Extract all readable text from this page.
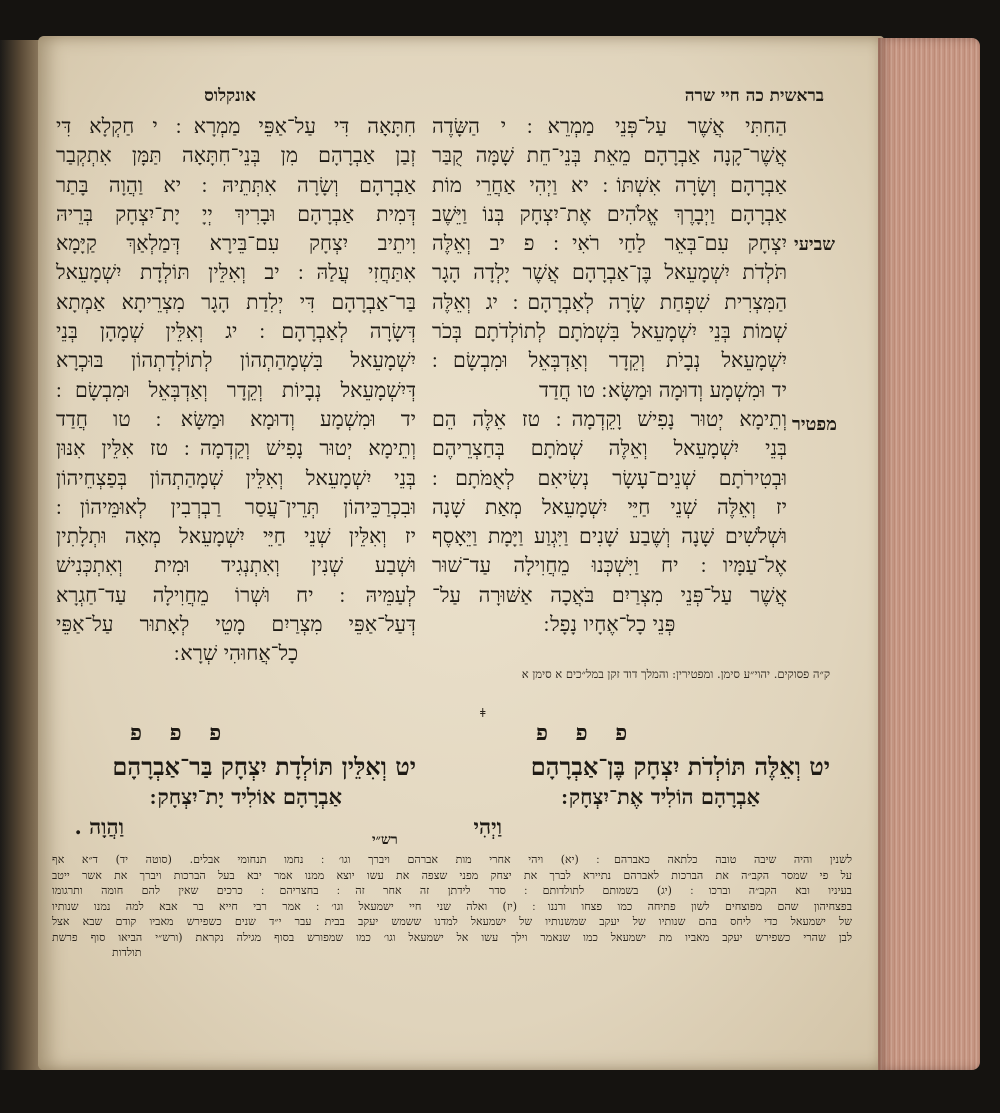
בראשית כה חיי שרה
אונקלוס
שביעי
מפטיר
הַחִתִּי אֲשֶׁר עַל־פְּנֵי מַמְרֵא ׃ י הַשָּׂדֶה
אֲשֶׁר־קָנָה אַבְרָהָם מֵאֵת בְּנֵי־חֵת שָׁמָּה קֻבַּר
אַבְרָהָם וְשָׂרָה אִשְׁתּוֹ ׃ יא וַיְהִי אַחֲרֵי מוֹת
אַבְרָהָם וַיְבָרֶךְ אֱלֹהִים אֶת־יִצְחָק בְּנוֹ וַיֵּשֶׁב
יִצְחָק עִם־בְּאֵר לַחַי רֹאִי ׃ פ יב וְאֵלֶּה
תֹּלְדֹת יִשְׁמָעֵאל בֶּן־אַבְרָהָם אֲשֶׁר יָלְדָה הָגָר
הַמִּצְרִית שִׁפְחַת שָׂרָה לְאַבְרָהָם ׃ יג וְאֵלֶּה
שְׁמוֹת בְּנֵי יִשְׁמָעֵאל בִּשְׁמֹתָם לְתוֹלְדֹתָם בְּכֹר
יִשְׁמָעֵאל נְבָיֹת וְקֵדָר וְאַדְבְּאֵל וּמִבְשָׂם ׃
יד וּמִשְׁמָע וְדוּמָה וּמַשָּׂא ׃ טו חֲדַד
וְתֵימָא יְטוּר נָפִישׁ וָקֵדְמָה ׃ טז אֵלֶּה הֵם
בְּנֵי יִשְׁמָעֵאל וְאֵלֶּה שְׁמֹתָם בְּחַצְרֵיהֶם
וּבְטִירֹתָם שְׁנֵים־עָשָׂר נְשִׂיאִם לְאֻמֹּתָם ׃
יז וְאֵלֶּה שְׁנֵי חַיֵּי יִשְׁמָעֵאל מְאַת שָׁנָה
וּשְׁלֹשִׁים שָׁנָה וְשֶׁבַע שָׁנִים וַיִּגְוַע וַיָּמָת וַיֵּאָסֶף
אֶל־עַמָּיו ׃ יח וַיִּשְׁכְּנוּ מֵחֲוִילָה עַד־שׁוּר
אֲשֶׁר עַל־פְּנֵי מִצְרַיִם בֹּאֲכָה אַשּׁוּרָה עַל־
פְּנֵי כָל־אֶחָיו נָפָל ׃
חִתָּאָה דִּי עַל־אַפֵּי מַמְרָא ׃ י חַקְלָא דִּי
זְבַן אַבְרָהָם מִן בְּנֵי־חִתָּאָה תַּמָּן אִתְקְבַר
אַבְרָהָם וְשָׂרָה אִתְּתֵיהּ ׃ יא וַהֲוָה בָּתַר
דְּמִית אַבְרָהָם וּבָרִיךְ יְיָ יָת־יִצְחָק בְּרֵיהּ
וִיתֵיב יִצְחָק עִם־בֵּירָא דְּמַלְאַךְ קַיָּמָא
אִתַּחֲזִי עֲלַהּ ׃ יב וְאִלֵּין תּוֹלְדָת יִשְׁמָעֵאל
בַּר־אַבְרָהָם דִּי יְלִדַת הָגָר מִצְרֵיתָא אַמְתָא
דְּשָׂרָה לְאַבְרָהָם ׃ יג וְאִלֵּין שְׁמָהָן בְּנֵי
יִשְׁמָעֵאל בִּשְׁמָהַתְהוֹן לְתוֹלְדָתְהוֹן בּוּכְרָא
דְּיִשְׁמָעֵאל נְבָיוֹת וְקֵדָר וְאַדְבְּאֵל וּמִבְשָׂם ׃
יד וּמִשְׁמָע וְדוּמָא וּמַשָּׂא ׃ טו חֲדַד
וְתֵימָא יְטוּר נָפִישׁ וְקֵדְמָה ׃ טז אִלֵּין אִנּוּן
בְּנֵי יִשְׁמָעֵאל וְאִלֵּין שְׁמָהַתְהוֹן בְּפַצְחֵיהוֹן
וּבִכְרַכֵּיהוֹן תְּרֵין־עֲסַר רַבְרְבִין לְאוּמֵּיהוֹן ׃
יז וְאִלֵּין שְׁנֵי חַיֵּי יִשְׁמָעֵאל מְאָה וּתְלָתִין
וּשְׁבַע שְׁנִין וְאִתְנְגִיד וּמִית וְאִתְכְּנִישׁ
לְעַמֵּיהּ ׃ יח וּשְׁרוֹ מֵחֲוִילָה עַד־חַגְרָא
דְּעַל־אַפֵּי מִצְרַיִם מָטֵי לְאָתוּר עַל־אַפֵּי
כָל־אֲחוּהִי שְׁרָא ׃
ק״ה פסוקים. יהוי״ע סימן. ומפטירין: והמלך דוד זקן במל״כים א סימן א
ǂ
פ פ פ
פ פ פ
יט וְאֵלֶּה תּוֹלְדֹת יִצְחָק בֶּן־אַבְרָהָם
אַבְרָהָם הוֹלִיד אֶת־יִצְחָק ׃
וַיְהִי
יט וְאִלֵּין תּוֹלְדָת יִצְחָק בַּר־אַבְרָהָם
אַבְרָהָם אוֹלִיד יָת־יִצְחָק ׃
וַהֲוָה .
רש״י
לשנין והיה שיבה טובה כלתאה כאברהם ׃ (יא) ויהי אחרי מות אברהם ויברך וגו׳ ׃ נחמו תנחומי אבלים. (סוטה יד) ד״א אף
על פי שמסר הקב״ה את הברכות לאברהם נתיירא לברך את יצחק מפני שצפה את עשו יוצא ממנו אמר יבא בעל הברכות ויברך את אשר ייטב
בעיניו ובא הקב״ה וברכו ׃ (יג) בשמותם לתולדותם ׃ סדר לידתן זה אחר זה ׃ בחצריהם ׃ כרכים שאין להם חומה ותרגומו
בפצחיהון שהם מפוצחים לשון פתיחה כמו פצחו ורננו ׃ (יז) ואלה שני חיי ישמעאל וגו׳ ׃ אמר רבי חייא בר אבא למה נמנו שנותיו
של ישמעאל כדי ליחס בהם שנותיו של יעקב שמשנותיו של ישמעאל למדנו ששמש יעקב בבית עבר י״ד שנים כשפירש מאביו קודם שבא אצל
לבן שהרי כשפירש יעקב מאביו מת ישמעאל כמו שנאמר וילך עשו אל ישמעאל וגו׳ כמו שמפורש בסוף מגילה נקראת (ורש״י הביאו סוף פרשת
תולדות
